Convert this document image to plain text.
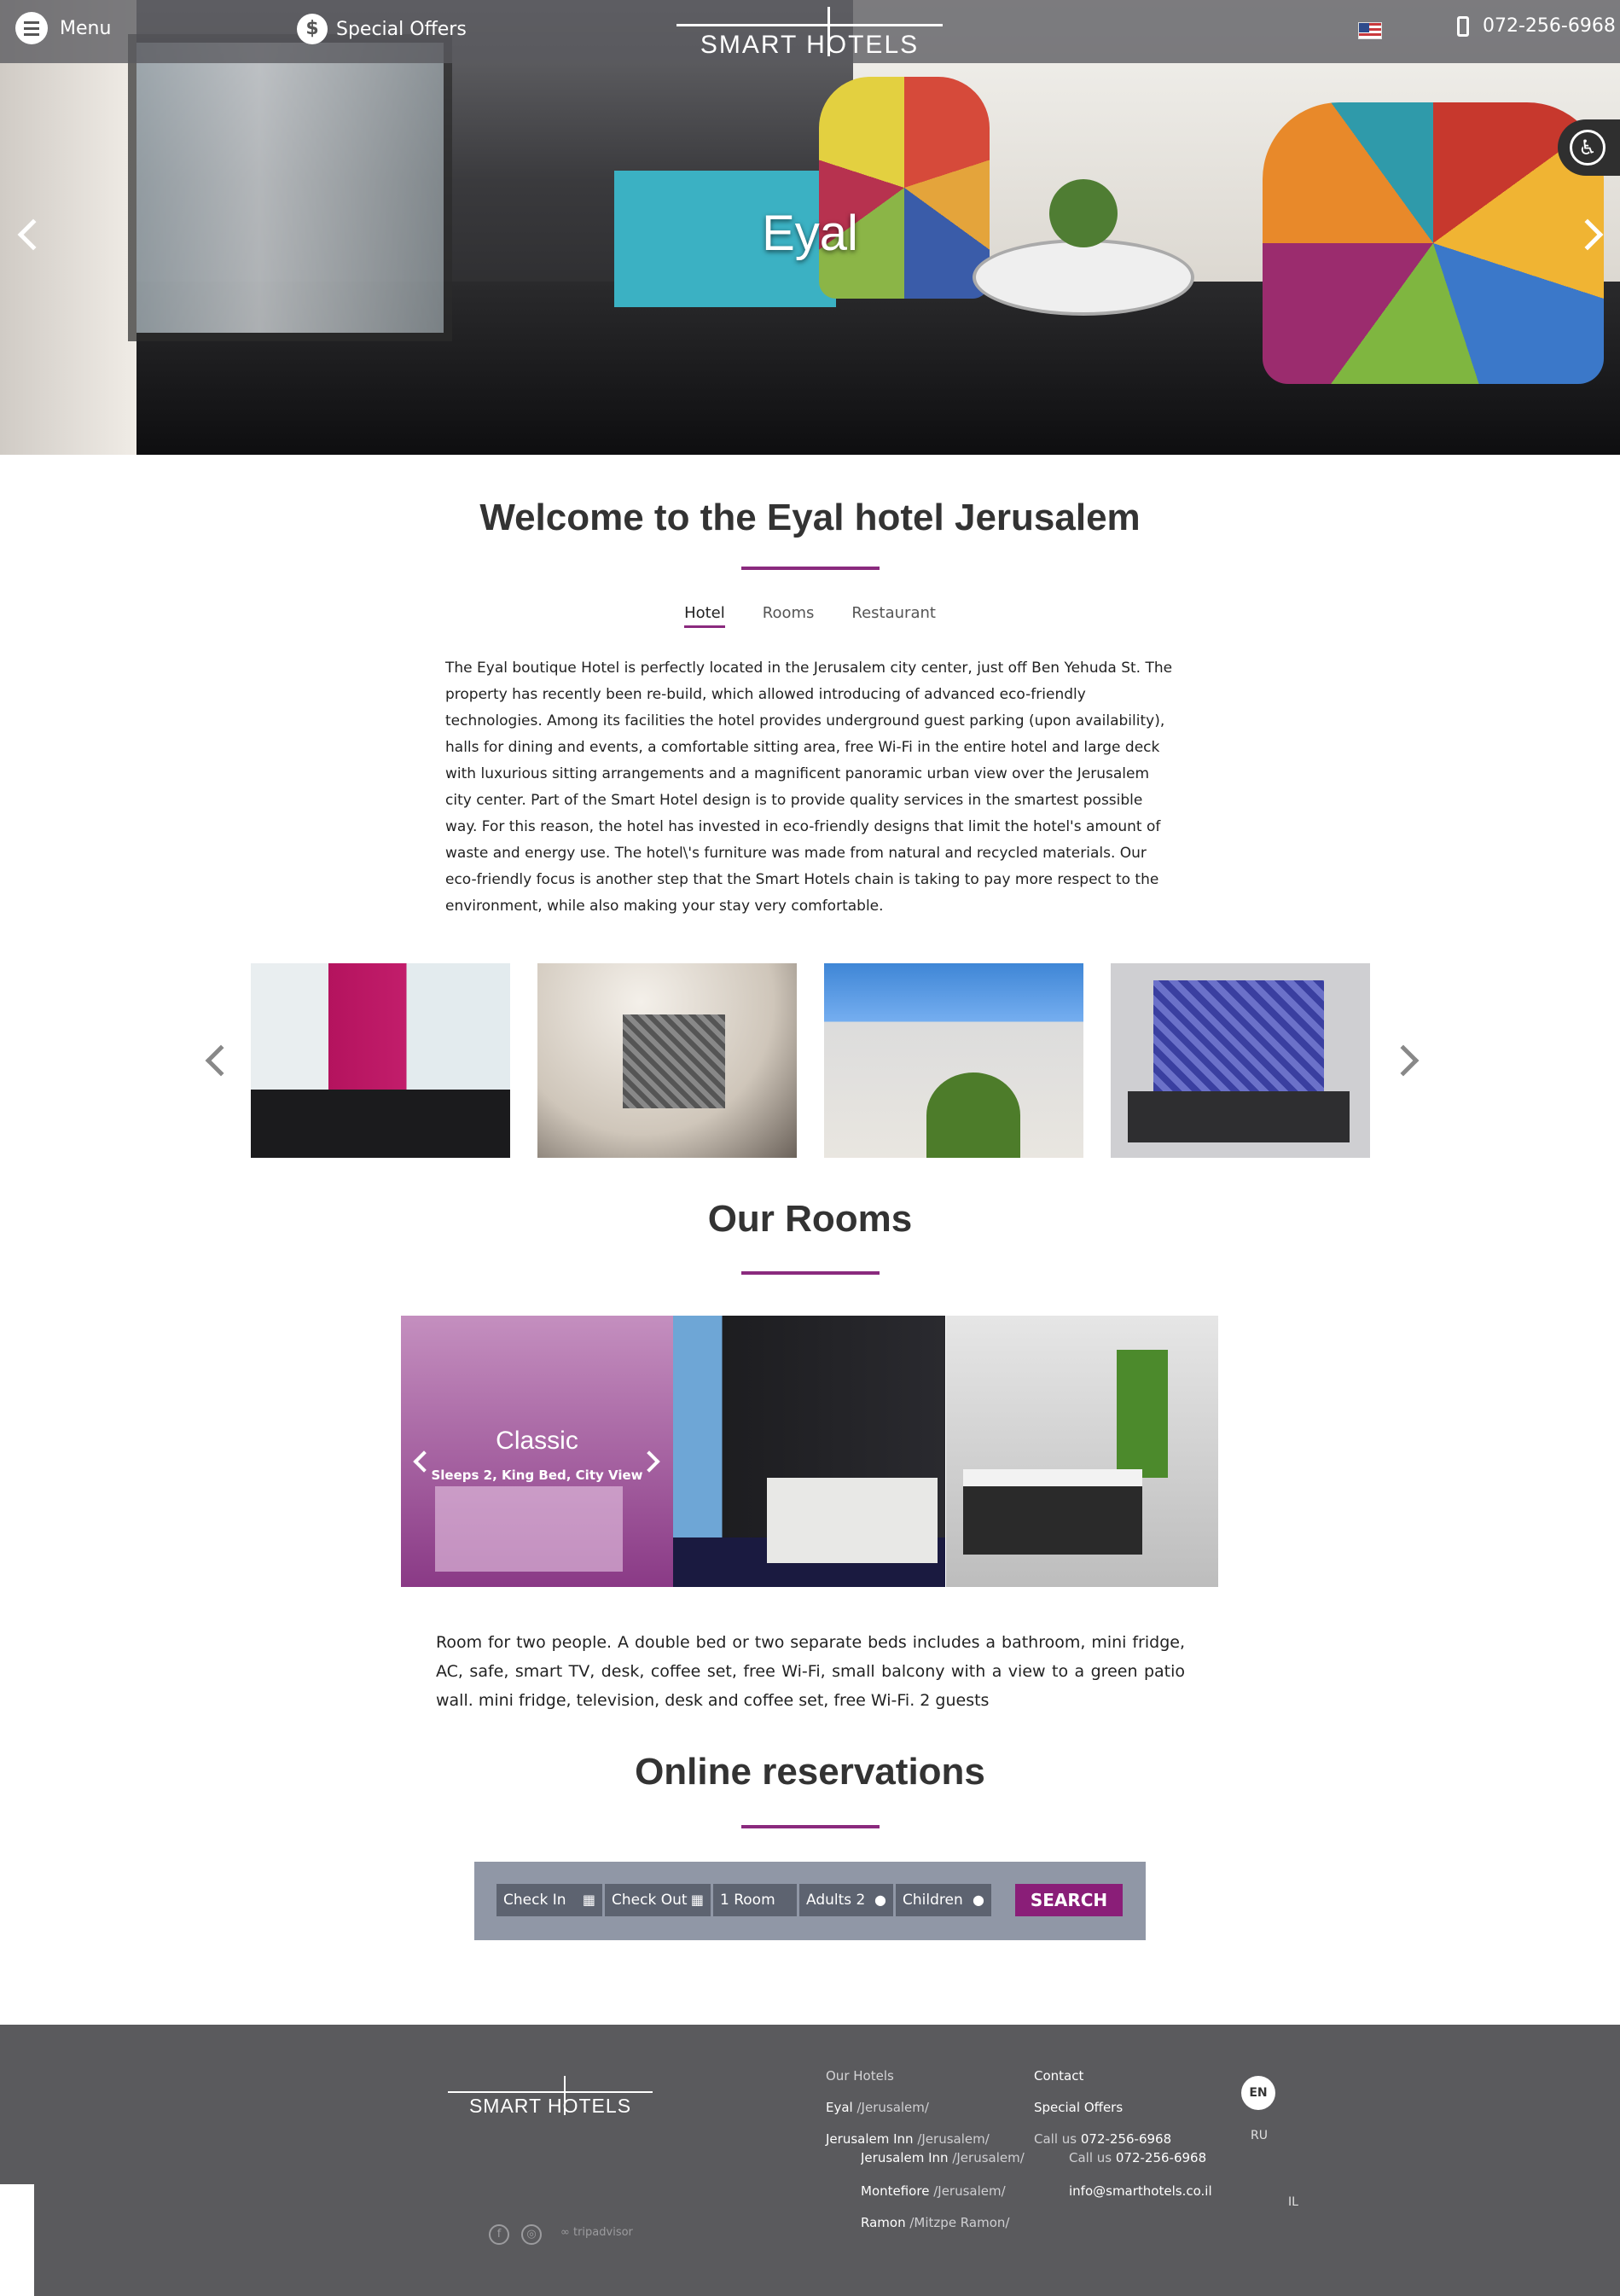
Menu	$ Special Offers
SMART HOTELS
072-256-6968
Eyal
♿
Welcome to the Eyal hotel Jerusalem
Hotel Rooms Restaurant

The Eyal boutique Hotel is perfectly located in the Jerusalem city center, just off Ben Yehuda St. The property has recently been re-build, which allowed introducing of advanced eco-friendly technologies. Among its facilities the hotel provides underground guest parking (upon availability), halls for dining and events, a comfortable sitting area, free Wi-Fi in the entire hotel and large deck with luxurious sitting arrangements and a magnificent panoramic urban view over the Jerusalem city center. Part of the Smart Hotel design is to provide quality services in the smartest possible way. For this reason, the hotel has invested in eco-friendly designs that limit the hotel's amount of waste and energy use. The hotel\'s furniture was made from natural and recycled materials. Our eco-friendly focus is another step that the Smart Hotels chain is taking to pay more respect to the environment, while also making your stay very comfortable.

Our Rooms
Classic
Sleeps 2, King Bed, City View

Room for two people. A double bed or two separate beds includes a bathroom, mini fridge, AC, safe, smart TV, desk, coffee set, free Wi-Fi, small balcony with a view to a green patio wall. mini fridge, television, desk and coffee set, free Wi-Fi. 2 guests

Online reservations
Check In ▦	Check Out ▦	1 Room	Adults 2 ●	Children ●	SEARCH
SMART HOTELS
Our Hotels
Eyal /Jerusalem/
Jerusalem Inn /Jerusalem/
Jerusalem Inn /Jerusalem/
Montefiore /Jerusalem/
Ramon /Mitzpe Ramon/
Contact
Special Offers
Call us 072-256-6968
Call us 072-256-6968
info@smarthotels.co.il
EN
RU
IL
f	◎	∞ tripadvisor
